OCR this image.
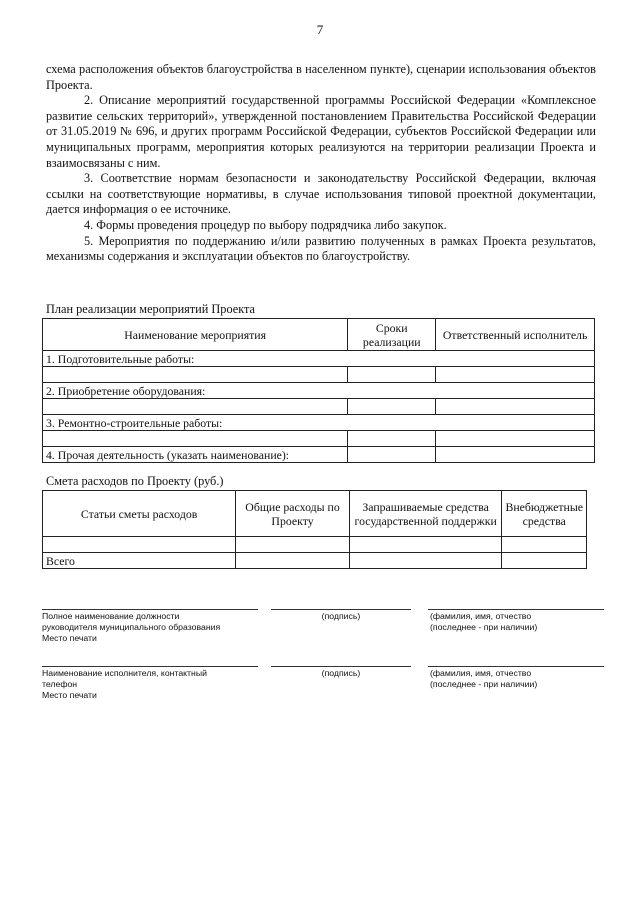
7

схема расположения объектов благоустройства в населенном пункте), сценарии использования объектов Проекта.

2. Описание мероприятий государственной программы Российской Федерации «Комплексное развитие сельских территорий», утвержденной постановлением Правительства Российской Федерации от 31.05.2019 № 696, и других программ Российской Федерации, субъектов Российской Федерации или муниципальных программ, мероприятия которых реализуются на территории реализации Проекта и взаимосвязаны с ним.

3. Соответствие нормам безопасности и законодательству Российской Федерации, включая ссылки на соответствующие нормативы, в случае использования типовой проектной документации, дается информация о ее источнике.

4. Формы проведения процедур по выбору подрядчика либо закупок.

5. Мероприятия по поддержанию и/или развитию полученных в рамках Проекта результатов, механизмы содержания и эксплуатации объектов по благоустройству.

План реализации мероприятий Проекта
Наименование мероприятия	Сроки реализации	Ответственный исполнитель
1. Подготовительные работы:		

2. Приобретение оборудования:		

3. Ремонтно-строительные работы:		

4. Прочая деятельность (указать наименование):		
Смета расходов по Проекту (руб.)
Статьи сметы расходов	Общие расходы по Проекту	Запрашиваемые средства государственной поддержки	Внебюджетные средства

Всего			
Полное наименование должности
руководителя муниципального образования
Место печати
(подпись)	(фамилия, имя, отчество
(последнее - при наличии)
Наименование исполнителя, контактный
телефон
Место печати
(подпись)	(фамилия, имя, отчество
(последнее - при наличии)
